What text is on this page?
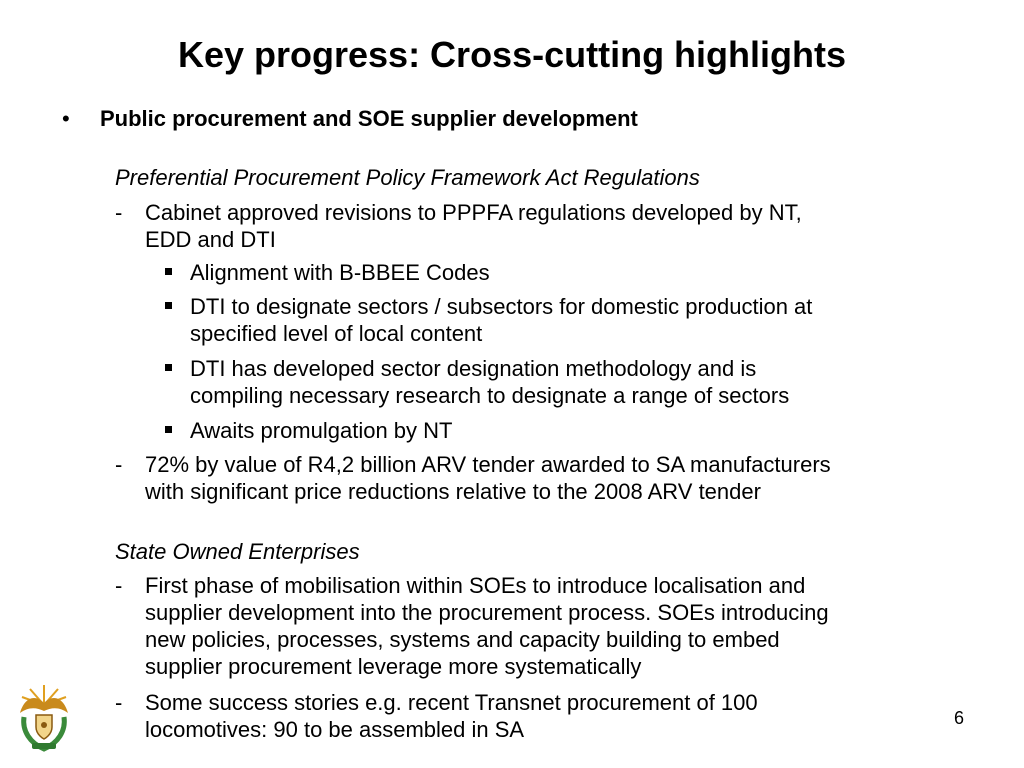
Key progress: Cross-cutting highlights
• Public procurement and SOE supplier development
Preferential Procurement Policy Framework Act Regulations
- Cabinet approved revisions to PPPFA regulations developed by NT,
EDD and DTI
Alignment with B-BBEE Codes
DTI to designate sectors / subsectors for domestic production at
specified level of local content
DTI has developed sector designation methodology and is
compiling necessary research to designate a range of sectors
Awaits promulgation by NT
- 72% by value of R4,2 billion ARV tender awarded to SA manufacturers
with significant price reductions relative to the 2008 ARV tender
State Owned Enterprises
- First phase of mobilisation within SOEs to introduce localisation and
supplier development into the procurement process. SOEs introducing
new policies, processes, systems and capacity building to embed
supplier procurement leverage more systematically
- Some success stories e.g. recent Transnet procurement of 100
locomotives: 90 to be assembled in SA	6
